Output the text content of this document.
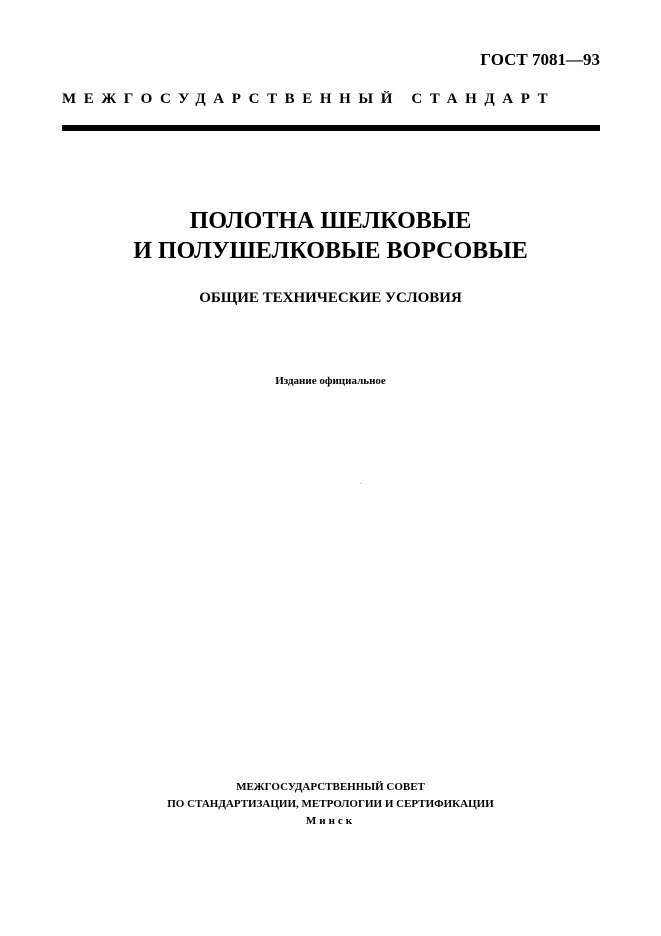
ГОСТ 7081—93
МЕЖГОСУДАРСТВЕННЫЙ СТАНДАРТ
ПОЛОТНА ШЕЛКОВЫЕ
И ПОЛУШЕЛКОВЫЕ ВОРСОВЫЕ
ОБЩИЕ ТЕХНИЧЕСКИЕ УСЛОВИЯ
Издание официальное
МЕЖГОСУДАРСТВЕННЫЙ СОВЕТ
ПО СТАНДАРТИЗАЦИИ, МЕТРОЛОГИИ И СЕРТИФИКАЦИИ
Минск
